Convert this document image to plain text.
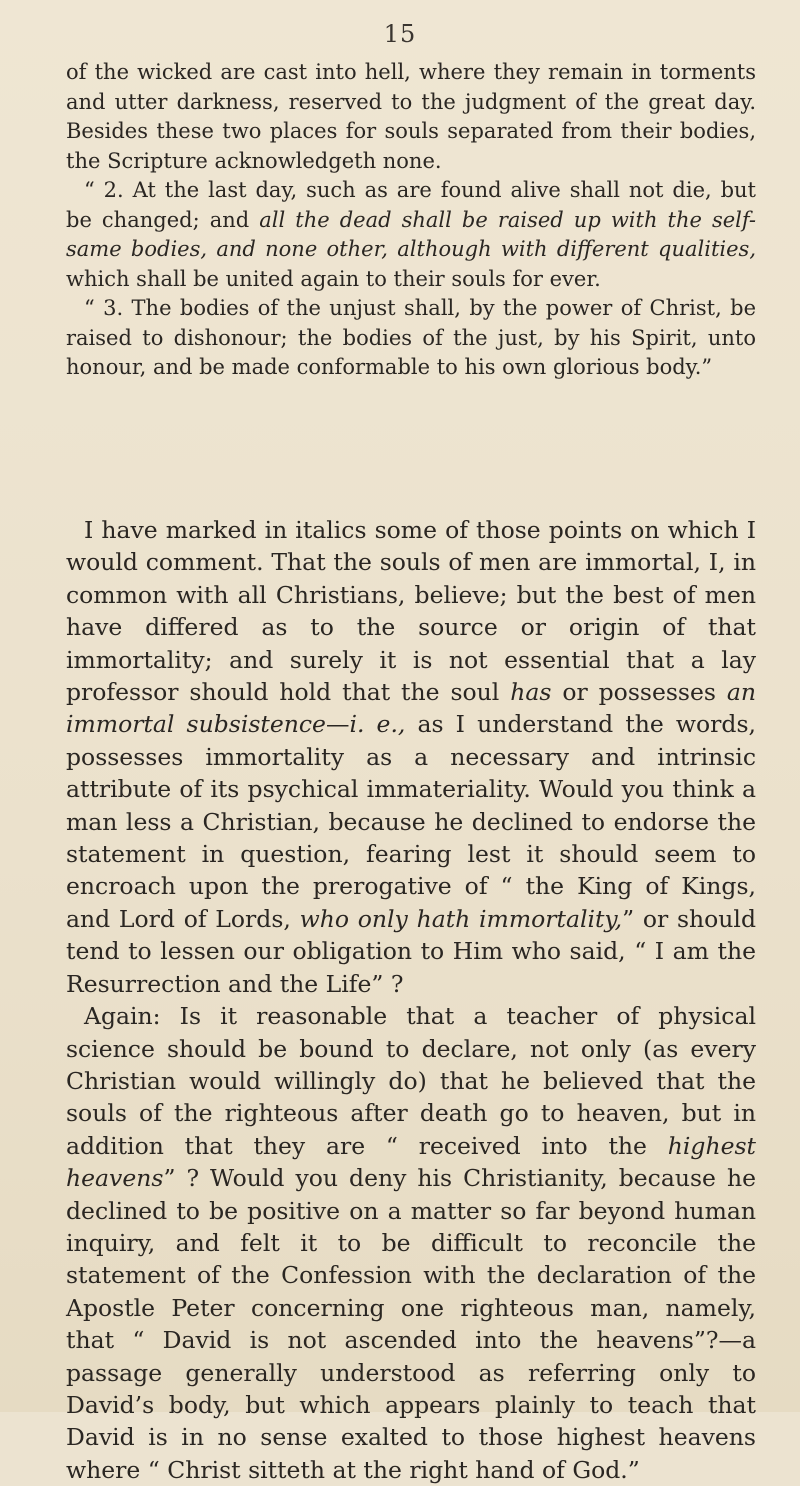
15

of the wicked are cast into hell, where they remain in torments and utter darkness, reserved to the judgment of the great day. Besides these two places for souls separated from their bodies, the Scripture acknowledgeth none.

“ 2. At the last day, such as are found alive shall not die, but be changed; and all the dead shall be raised up with the self-same bodies, and none other, although with different qualities, which shall be united again to their souls for ever.

“ 3. The bodies of the unjust shall, by the power of Christ, be raised to dishonour; the bodies of the just, by his Spirit, unto honour, and be made conformable to his own glorious body.”

I have marked in italics some of those points on which I would comment. That the souls of men are immortal, I, in common with all Christians, believe; but the best of men have differed as to the source or origin of that immortality; and surely it is not essential that a lay professor should hold that the soul has or possesses an immortal subsistence—i. e., as I understand the words, possesses immortality as a necessary and intrinsic attribute of its psychical immateriality. Would you think a man less a Christian, because he declined to endorse the statement in question, fearing lest it should seem to encroach upon the prerogative of “ the King of Kings, and Lord of Lords, who only hath immortality,” or should tend to lessen our obligation to Him who said, “ I am the Resurrection and the Life” ?

Again: Is it reasonable that a teacher of physical science should be bound to declare, not only (as every Christian would willingly do) that he believed that the souls of the righteous after death go to heaven, but in addition that they are “ received into the highest heavens” ? Would you deny his Christianity, because he declined to be positive on a matter so far beyond human inquiry, and felt it to be difficult to reconcile the statement of the Confession with the declaration of the Apostle Peter concerning one righteous man, namely, that “ David is not ascended into the heavens”?—a passage generally understood as referring only to David’s body, but which appears plainly to teach that David is in no sense exalted to those highest heavens where “ Christ sitteth at the right hand of God.”
